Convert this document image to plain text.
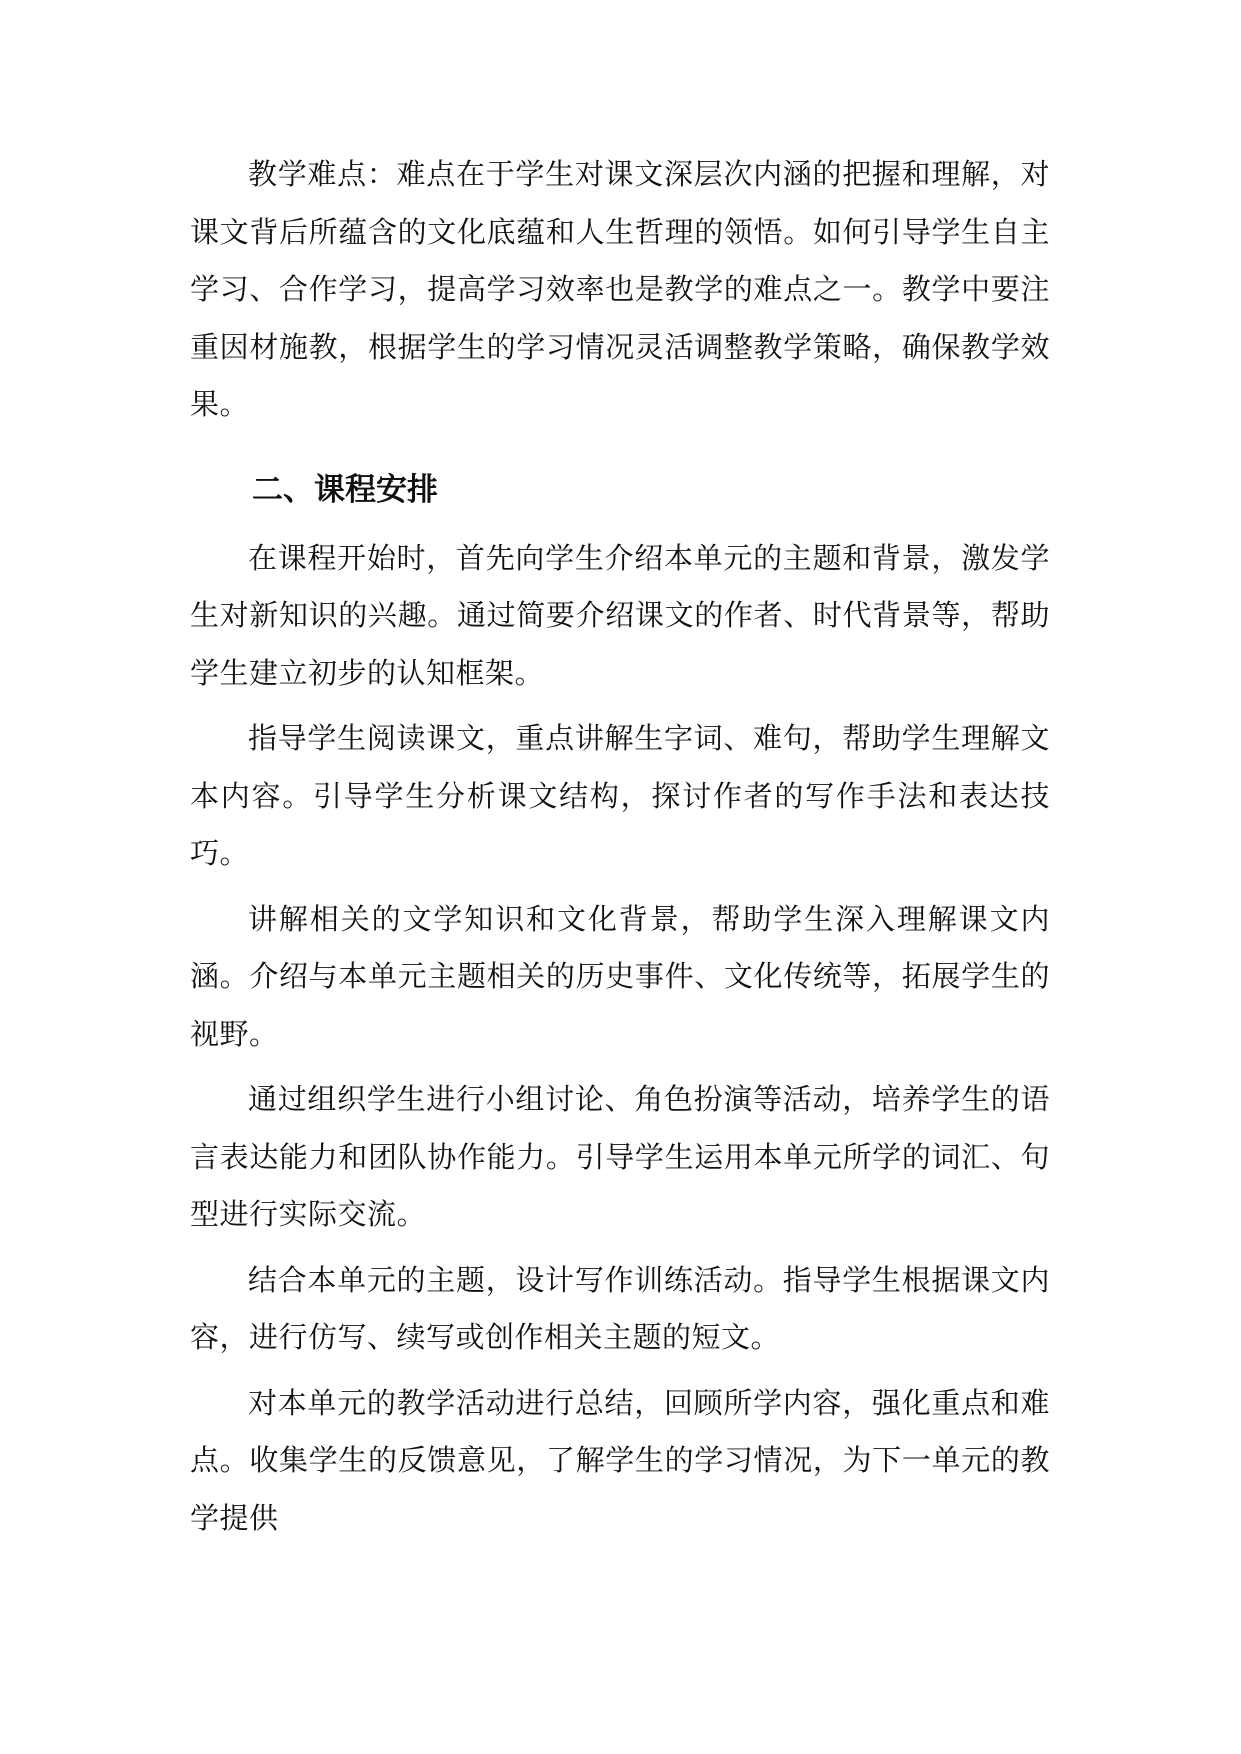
教学难点：难点在于学生对课文深层次内涵的把握和理解，对课文背后所蕴含的文化底蕴和人生哲理的领悟。如何引导学生自主学习、合作学习，提高学习效率也是教学的难点之一。教学中要注重因材施教，根据学生的学习情况灵活调整教学策略，确保教学效果。

二、课程安排

在课程开始时，首先向学生介绍本单元的主题和背景，激发学生对新知识的兴趣。通过简要介绍课文的作者、时代背景等，帮助学生建立初步的认知框架。

指导学生阅读课文，重点讲解生字词、难句，帮助学生理解文本内容。引导学生分析课文结构，探讨作者的写作手法和表达技巧。

讲解相关的文学知识和文化背景，帮助学生深入理解课文内涵。介绍与本单元主题相关的历史事件、文化传统等，拓展学生的视野。

通过组织学生进行小组讨论、角色扮演等活动，培养学生的语言表达能力和团队协作能力。引导学生运用本单元所学的词汇、句型进行实际交流。

结合本单元的主题，设计写作训练活动。指导学生根据课文内容，进行仿写、续写或创作相关主题的短文。

对本单元的教学活动进行总结，回顾所学内容，强化重点和难点。收集学生的反馈意见，了解学生的学习情况，为下一单元的教学提供
